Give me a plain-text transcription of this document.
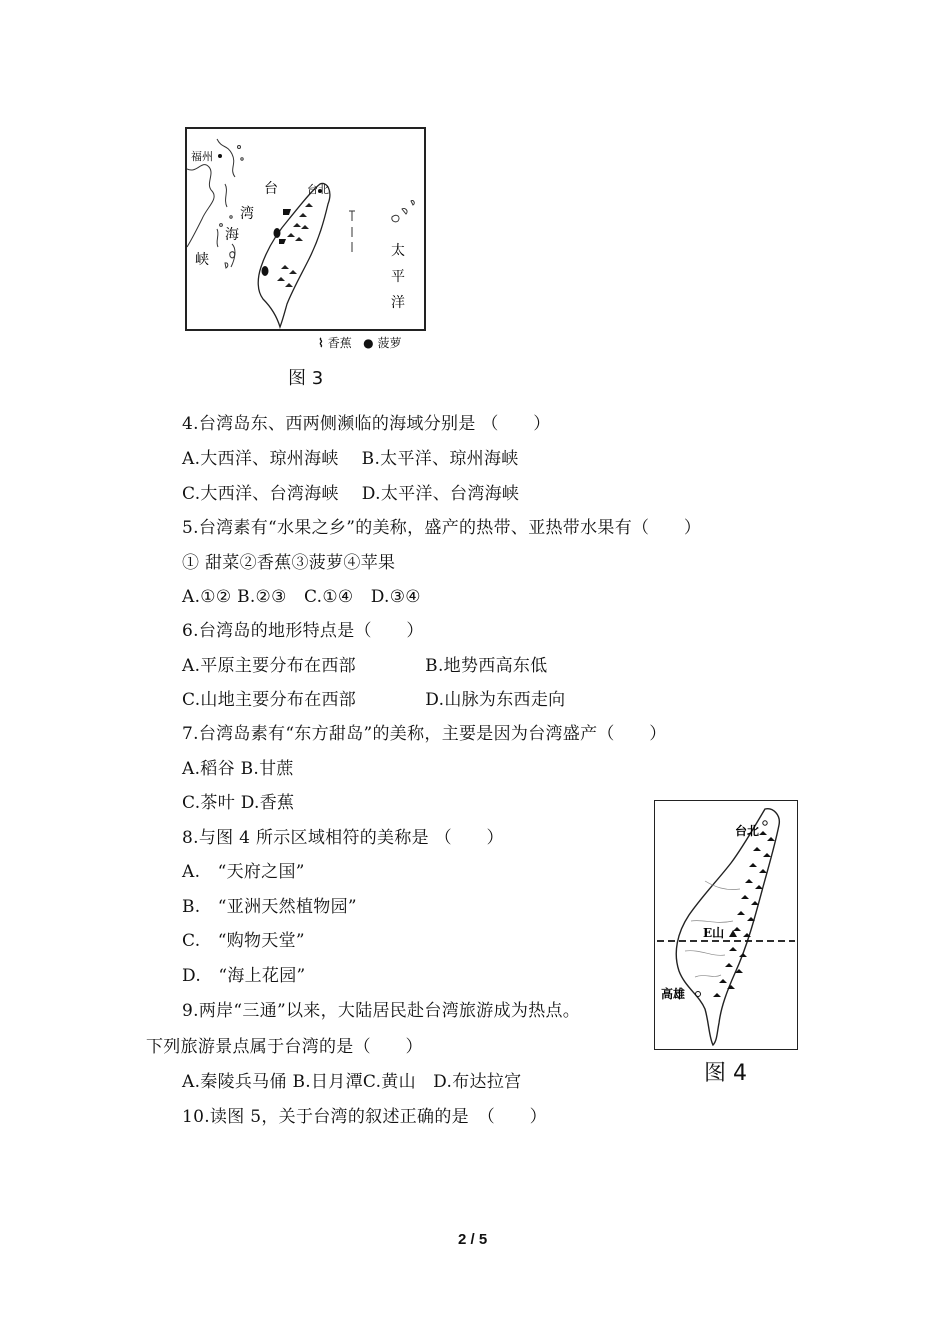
福州
台北
台
湾
海
峡
太
平
洋
⌇ 香蕉 ● 菠萝
图 3
4.台湾岛东、西两侧濒临的海域分别是 （　　）
A.大西洋、琼州海峡　 B.太平洋、琼州海峡
C.大西洋、台湾海峡　 D.太平洋、台湾海峡
5.台湾素有“水果之乡”的美称，盛产的热带、亚热带水果有（　　）
① 甜菜②香蕉③菠萝④苹果
A.①② B.②③　C.①④　D.③④
6.台湾岛的地形特点是（　　）
A.平原主要分布在西部　　　　B.地势西高东低
C.山地主要分布在西部　　　　D.山脉为东西走向
7.台湾岛素有“东方甜岛”的美称，主要是因为台湾盛产（　　）
A.稻谷 B.甘蔗
C.茶叶 D.香蕉
8.与图 4 所示区域相符的美称是 （　　）
A.　“天府之国”
B.　“亚洲天然植物园”
C.　“购物天堂”
D.　“海上花园”
9.两岸“三通”以来，大陆居民赴台湾旅游成为热点。
下列旅游景点属于台湾的是（　　）
A.秦陵兵马俑 B.日月潭C.黄山　D.布达拉宫
10.读图 5，关于台湾的叙述正确的是　（　　）
台北
E山
高雄
图 4
2 / 5
